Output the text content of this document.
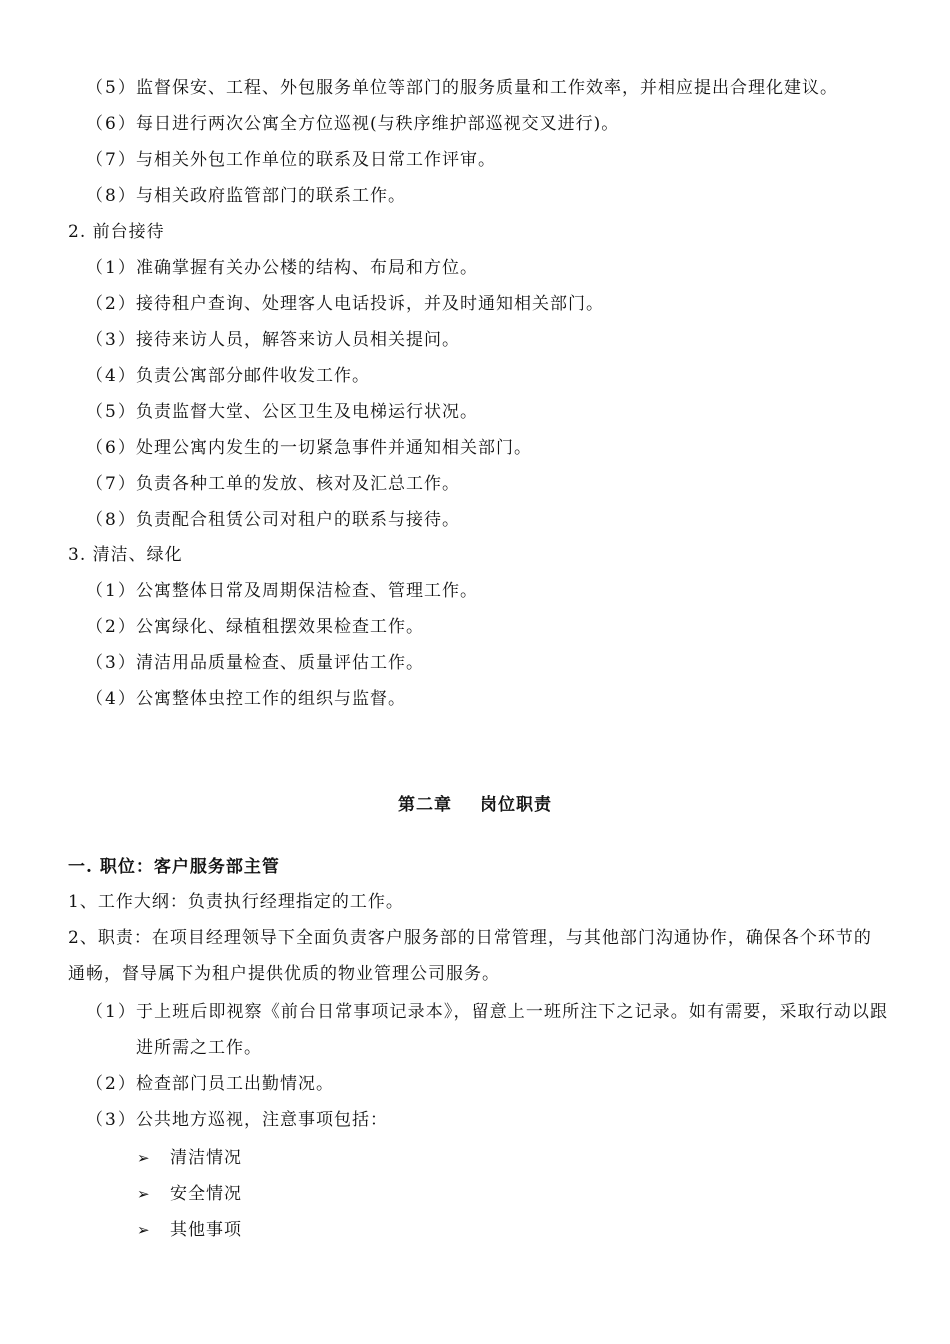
（5） 监督保安、工程、外包服务单位等部门的服务质量和工作效率，并相应提出合理化建议。
（6） 每日进行两次公寓全方位巡视(与秩序维护部巡视交叉进行)。
（7） 与相关外包工作单位的联系及日常工作评审。
（8） 与相关政府监管部门的联系工作。
2. 前台接待
（1） 准确掌握有关办公楼的结构、布局和方位。
（2） 接待租户查询、处理客人电话投诉，并及时通知相关部门。
（3） 接待来访人员，解答来访人员相关提问。
（4） 负责公寓部分邮件收发工作。
（5） 负责监督大堂、公区卫生及电梯运行状况。
（6） 处理公寓内发生的一切紧急事件并通知相关部门。
（7） 负责各种工单的发放、核对及汇总工作。
（8） 负责配合租赁公司对租户的联系与接待。
3. 清洁、绿化
（1） 公寓整体日常及周期保洁检查、管理工作。
（2） 公寓绿化、绿植租摆效果检查工作。
（3） 清洁用品质量检查、质量评估工作。
（4） 公寓整体虫控工作的组织与监督。
第二章 岗位职责
一. 职位：客户服务部主管
1、工作大纲：负责执行经理指定的工作。
2、职责：在项目经理领导下全面负责客户服务部的日常管理，与其他部门沟通协作，确保各个环节的通畅，督导属下为租户提供优质的物业管理公司服务。
（1） 于上班后即视察《前台日常事项记录本》，留意上一班所注下之记录。如有需要，采取行动以跟进所需之工作。
（2） 检查部门员工出勤情况。
（3） 公共地方巡视，注意事项包括：
➢ 清洁情况
➢ 安全情况
➢ 其他事项
